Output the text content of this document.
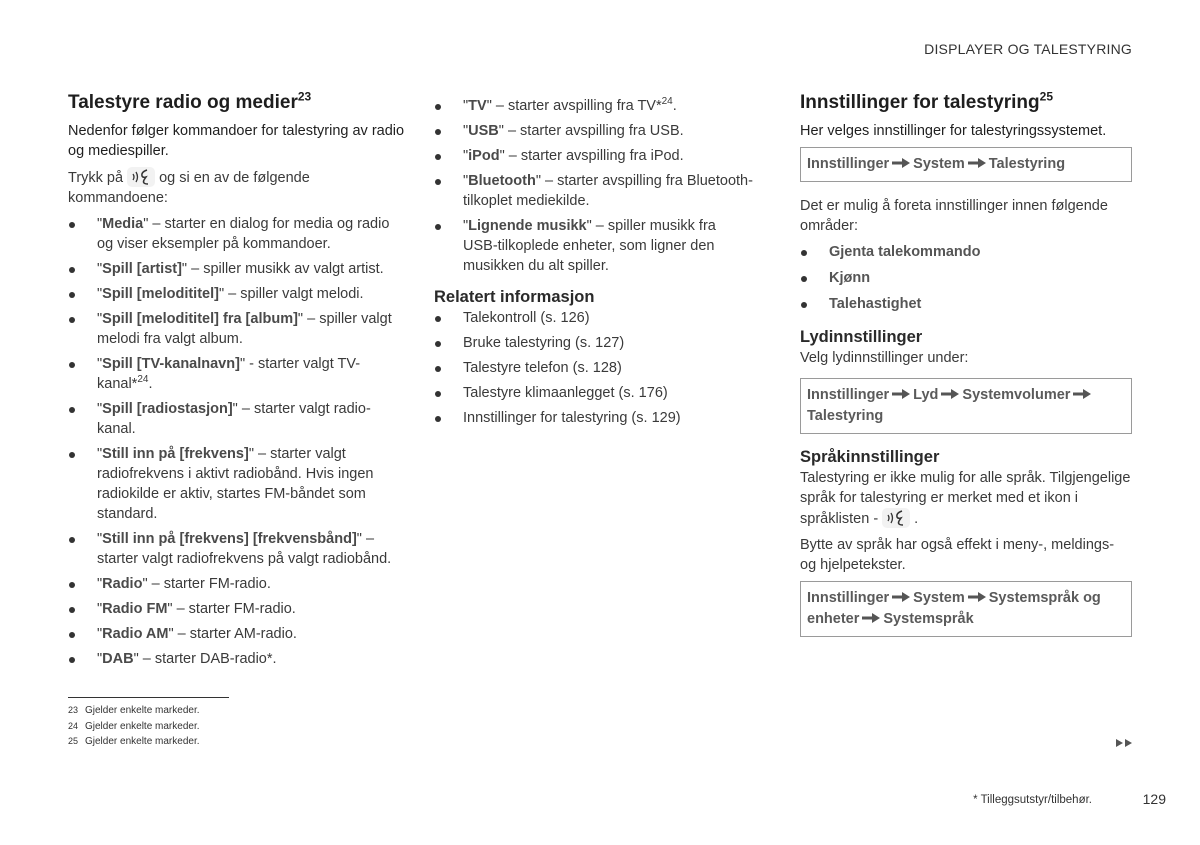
DISPLAYER OG TALESTYRING
Talestyre radio og medier$^{23}$

Nedenfor følger kommandoer for talestyring av radio og mediespiller.

Trykk på og si en av de følgende kommandoene:

"Media" – starter en dialog for media og radio og viser eksempler på kommandoer.
"Spill [artist]" – spiller musikk av valgt artist.
"Spill [melodititel]" – spiller valgt melodi.
"Spill [melodititel] fra [album]" – spiller valgt melodi fra valgt album.
"Spill [TV-kanalnavn]" - starter valgt TV-kanal*$^{24}$.
"Spill [radiostasjon]" – starter valgt radio-kanal.
"Still inn på [frekvens]" – starter valgt radiofrekvens i aktivt radiobånd. Hvis ingen radiokilde er aktiv, startes FM-båndet som standard.
"Still inn på [frekvens] [frekvensbånd]" – starter valgt radiofrekvens på valgt radiobånd.
"Radio" – starter FM-radio.
"Radio FM" – starter FM-radio.
"Radio AM" – starter AM-radio.
"DAB" – starter DAB-radio*.
"TV" – starter avspilling fra TV*$^{24}$.
"USB" – starter avspilling fra USB.
"iPod" – starter avspilling fra iPod.
"Bluetooth" – starter avspilling fra Bluetooth-tilkoplet mediekilde.
"Lignende musikk" – spiller musikk fra USB-tilkoplede enheter, som ligner den musikken du alt spiller.
Relatert informasjon
Talekontroll (s. 126)
Bruke talestyring (s. 127)
Talestyre telefon (s. 128)
Talestyre klimaanlegget (s. 176)
Innstillinger for talestyring (s. 129)
Innstillinger for talestyring$^{25}$

Her velges innstillinger for talestyringssystemet.

Innstillinger System Talestyring

Det er mulig å foreta innstillinger innen følgende områder:

Gjenta talekommando
Kjønn
Talehastighet
Lydinnstillinger

Velg lydinnstillinger under:

Innstillinger Lyd SystemvolumerTalestyring
Språkinnstillinger

Talestyring er ikke mulig for alle språk. Tilgjengelige språk for talestyring er merket med et ikon i språklisten - .

Bytte av språk har også effekt i meny-, meldings- og hjelpetekster.

Innstillinger System Systemspråk og enheter Systemspråk
23 Gjelder enkelte markeder.
24 Gjelder enkelte markeder.
25 Gjelder enkelte markeder.
* Tilleggsutstyr/tilbehør.	129
